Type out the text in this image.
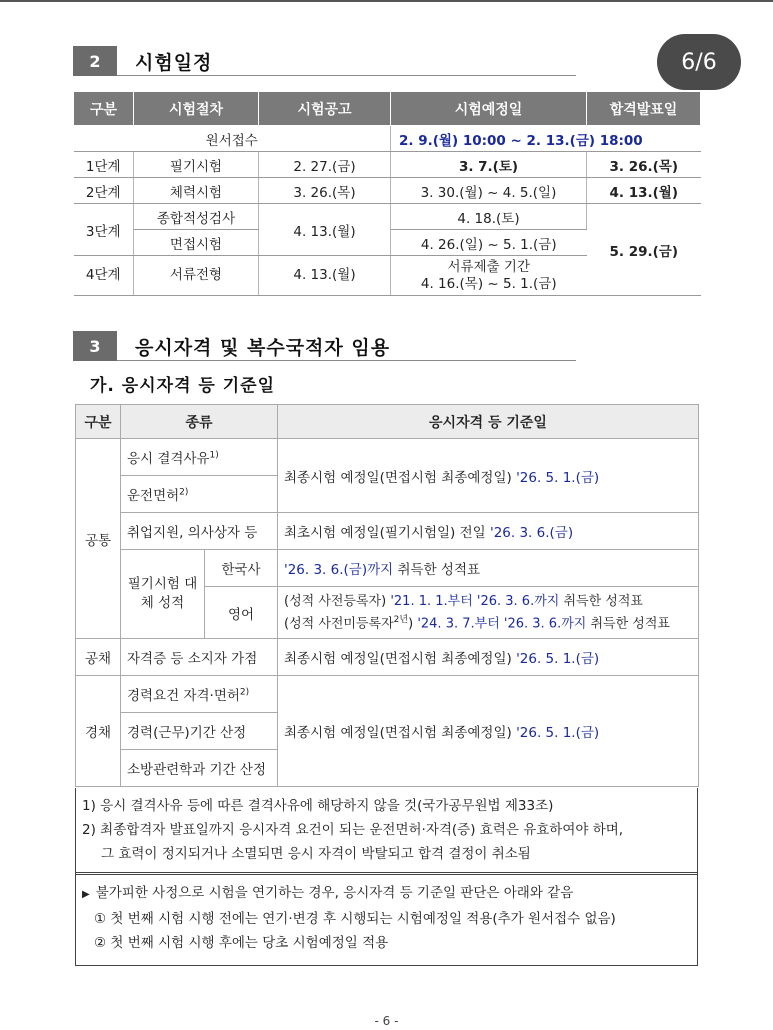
6/6
2	시험일정
구분	시험절차	시험공고	시험예정일	합격발표일
원서접수			2. 9.(월) 10:00 ~ 2. 13.(금) 18:00	
1단계	필기시험	2. 27.(금)	3. 7.(토)	3. 26.(목)
2단계	체력시험	3. 26.(목)	3. 30.(월) ~ 4. 5.(일)	4. 13.(월)
3단계	종합적성검사	4. 13.(월)	4. 18.(토)	5. 29.(금)
	면접시험		4. 26.(일) ~ 5. 1.(금)	
4단계	서류전형	4. 13.(월)	서류제출 기간
4. 16.(목) ~ 5. 1.(금)	
3	응시자격 및 복수국적자 임용
가. 응시자격 등 기준일
구분	종류		응시자격 등 기준일
공통	응시 결격사유$^{1)}$		최종시험 예정일(면접시험 최종예정일) '26. 5. 1.(금)
	운전면허$^{2)}$
	취업지원, 의사상자 등		최초시험 예정일(필기시험일) 전일 '26. 3. 6.(금)
	필기시험 대체 성적	한국사	'26. 3. 6.(금)까지 취득한 성적표
		영어	(성적 사전등록자) '21. 1. 1.부터 '26. 3. 6.까지 취득한 성적표
(성적 사전미등록자$^{2년}$) '24. 3. 7.부터 '26. 3. 6.까지 취득한 성적표

공채	자격증 등 소지자 가점		최종시험 예정일(면접시험 최종예정일) '26. 5. 1.(금)
경채	경력요건 자격·면허$^{2)}$		최종시험 예정일(면접시험 최종예정일) '26. 5. 1.(금)
	경력(근무)기간 산정		
	소방관련학과 기간 산정		
1) 응시 결격사유 등에 따른 결격사유에 해당하지 않을 것(국가공무원법 제33조)
2) 최종합격자 발표일까지 응시자격 요건이 되는 운전면허·자격(증) 효력은 유효하여야 하며,
그 효력이 정지되거나 소멸되면 응시 자격이 박탈되고 합격 결정이 취소됨
▶ 불가피한 사정으로 시험을 연기하는 경우, 응시자격 등 기준일 판단은 아래와 같음
① 첫 번째 시험 시행 전에는 연기·변경 후 시행되는 시험예정일 적용(추가 원서접수 없음)
② 첫 번째 시험 시행 후에는 당초 시험예정일 적용
- 6 -
